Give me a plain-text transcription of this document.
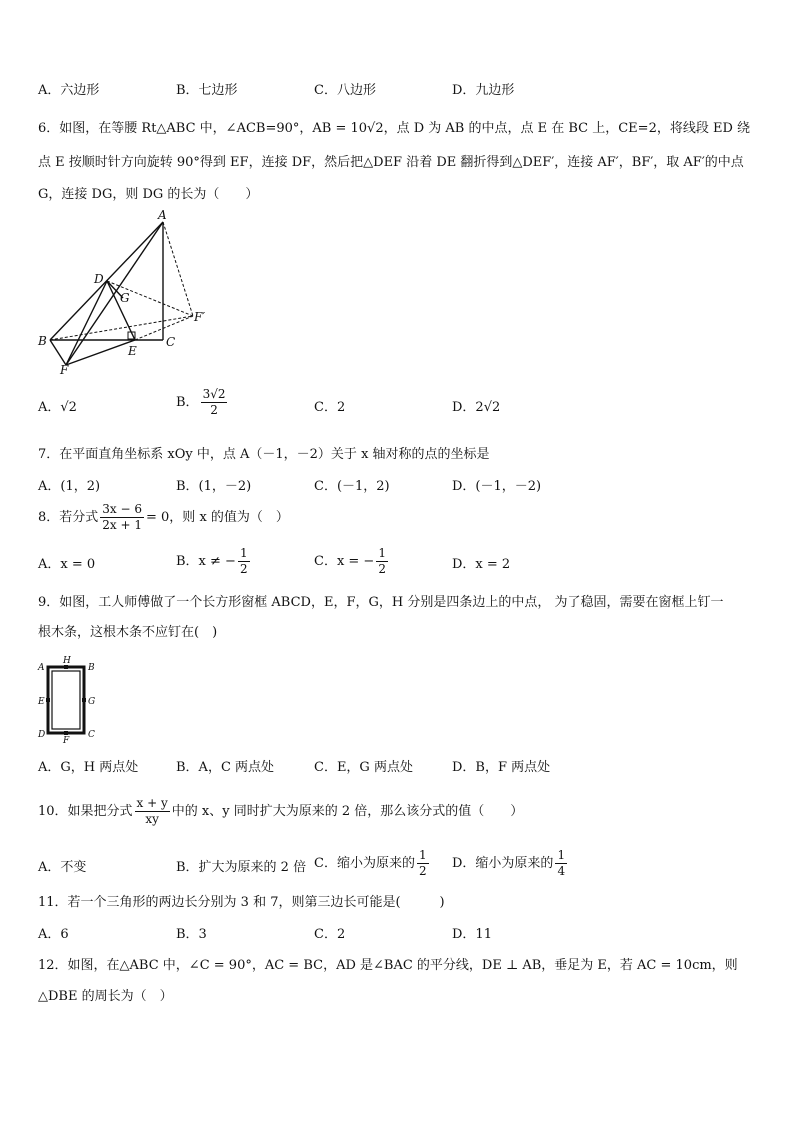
A．六边形	B．七边形	C．八边形	D．九边形
6．如图，在等腰 Rt△ABC 中，∠ACB=90°，AB = 10√2，点 D 为 AB 的中点，点 E 在 BC 上，CE=2，将线段 ED 绕
点 E 按顺时针方向旋转 90°得到 EF，连接 DF，然后把△DEF 沿着 DE 翻折得到△DEF′，连接 AF′，BF′，取 AF′的中点
G，连接 DG，则 DG 的长为（　　）
A
B	C
D
E
F
G
F′
A．√2	B． $\frac{3√2}{2}$	C．2	D．2√2
7．在平面直角坐标系 xOy 中，点 A（－1，－2）关于 x 轴对称的点的坐标是
A．(1，2)	B．(1，－2)	C．(－1，2)	D．(－1，－2)
8．若分式 $\frac{3x - 6}{2x + 1} = 0$，则 x 的值为（　）
A．x = 0	B．x ≠ − $\frac{1}{2}$	C．x = − $\frac{1}{2}$	D．x = 2
9．如图，工人师傅做了一个长方形窗框 ABCD，E，F，G，H 分别是四条边上的中点， 为了稳固，需要在窗框上钉一
根木条，这根木条不应钉在(　)
A
H
B
E	G
D
F
C
A．G，H 两点处	B．A，C 两点处	C．E，G 两点处	D．B，F 两点处
10．如果把分式 $\frac{x + y}{xy}$ 中的 x、y 同时扩大为原来的 2 倍，那么该分式的值（　　）
A．不变	B．扩大为原来的 2 倍 C．缩小为原来的 $\frac{1}{2}$ D．缩小为原来的 $\frac{1}{4}$
11．若一个三角形的两边长分别为 3 和 7，则第三边长可能是(　　　)
A．6	B．3	C．2	D．11
12．如图，在△ABC 中，∠C = 90°，AC = BC，AD 是∠BAC 的平分线，DE ⊥ AB，垂足为 E，若 AC = 10cm，则
△DBE 的周长为（　）
